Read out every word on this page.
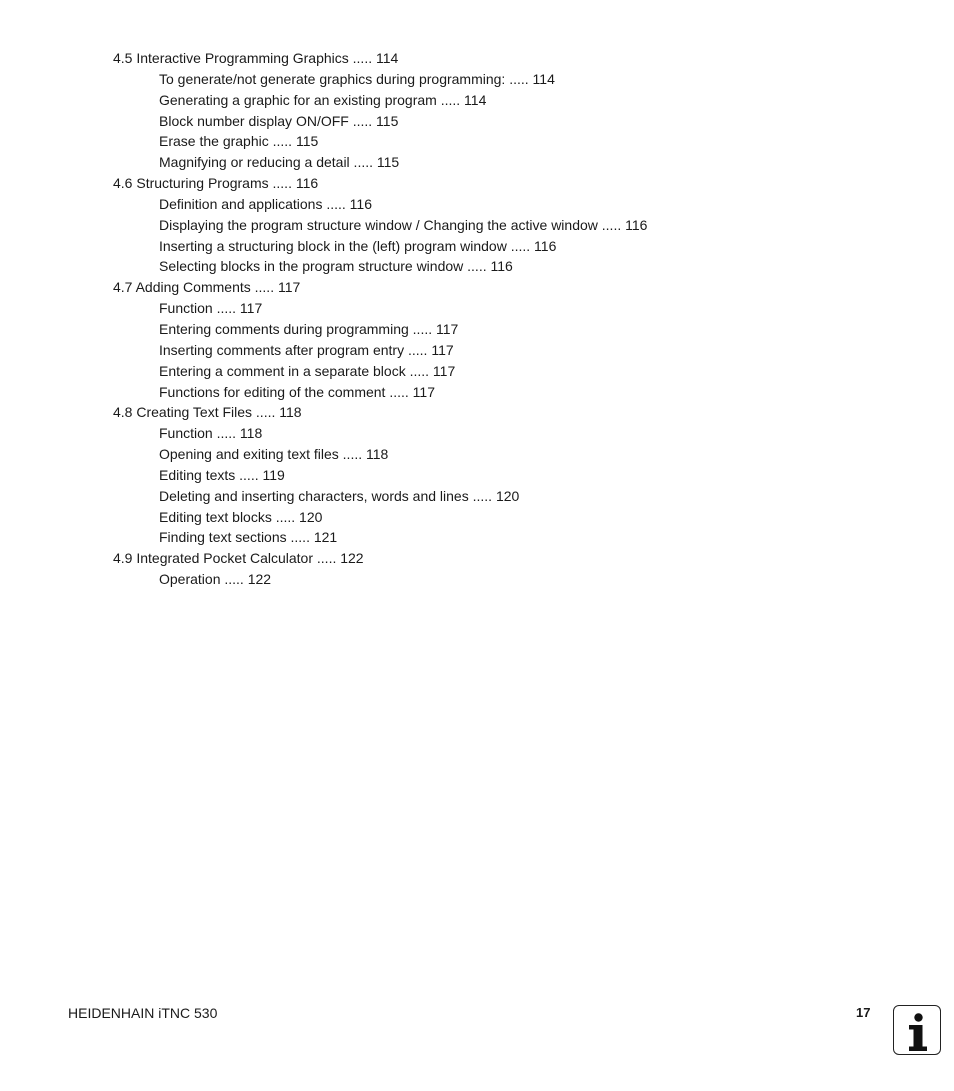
4.5 Interactive Programming Graphics ..... 114
To generate/not generate graphics during programming: ..... 114
Generating a graphic for an existing program ..... 114
Block number display ON/OFF ..... 115
Erase the graphic ..... 115
Magnifying or reducing a detail ..... 115
4.6 Structuring Programs ..... 116
Definition and applications ..... 116
Displaying the program structure window / Changing the active window ..... 116
Inserting a structuring block in the (left) program window ..... 116
Selecting blocks in the program structure window ..... 116
4.7 Adding Comments ..... 117
Function ..... 117
Entering comments during programming ..... 117
Inserting comments after program entry ..... 117
Entering a comment in a separate block ..... 117
Functions for editing of the comment ..... 117
4.8 Creating Text Files ..... 118
Function ..... 118
Opening and exiting text files ..... 118
Editing texts ..... 119
Deleting and inserting characters, words and lines ..... 120
Editing text blocks ..... 120
Finding text sections ..... 121
4.9 Integrated Pocket Calculator ..... 122
Operation ..... 122
HEIDENHAIN iTNC 530	17
